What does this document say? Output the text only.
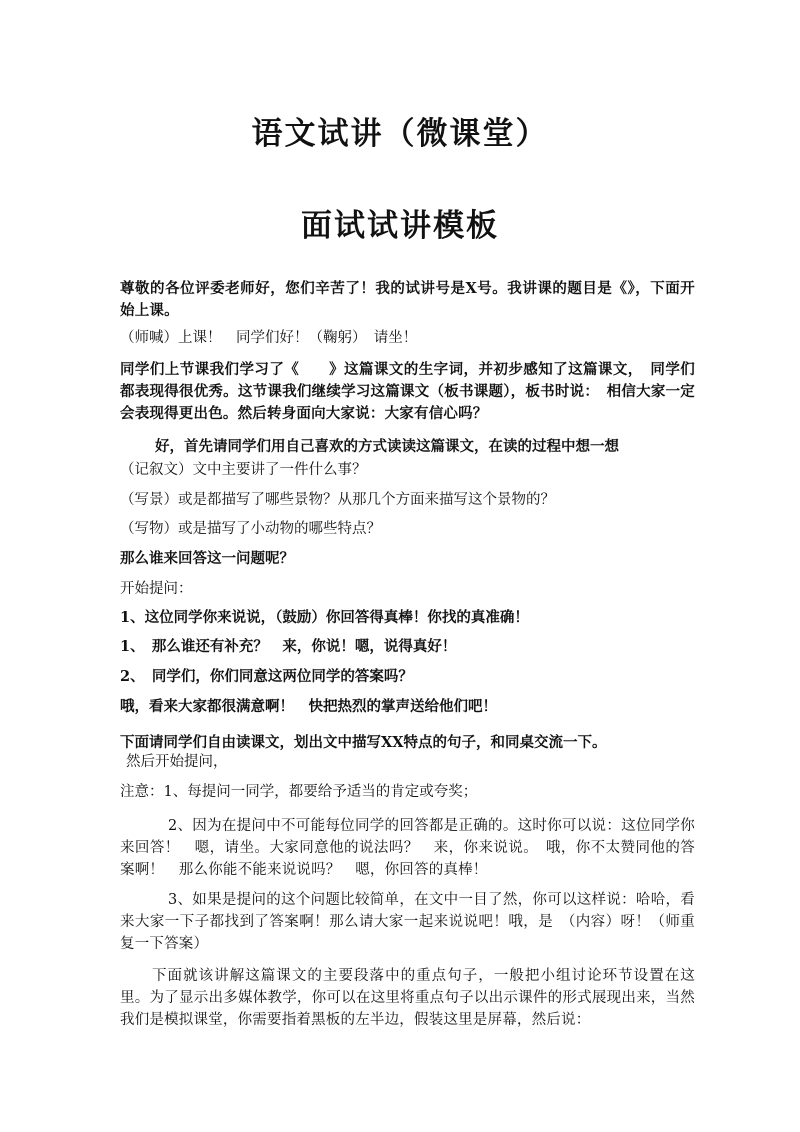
语文试讲（微课堂）
面试试讲模板
尊敬的各位评委老师好，您们辛苦了！我的试讲号是X号。我讲课的题目是《》，下面开始上课。
（师喊）上课！　同学们好！（鞠躬）　请坐！
同学们上节课我们学习了《　　》这篇课文的生字词，并初步感知了这篇课文，　同学们都表现得很优秀。这节课我们继续学习这篇课文（板书课题），板书时说：　相信大家一定会表现得更出色。然后转身面向大家说：大家有信心吗？
好，首先请同学们用自己喜欢的方式读读这篇课文，在读的过程中想一想
（记叙文）文中主要讲了一件什么事？
（写景）或是都描写了哪些景物？从那几个方面来描写这个景物的？
（写物）或是描写了小动物的哪些特点？
那么谁来回答这一问题呢？
开始提问：
1、这位同学你来说说，（鼓励）你回答得真棒！你找的真准确！
1、　那么谁还有补充？　来，你说！嗯，说得真好！
2、　同学们，你们同意这两位同学的答案吗？
哦，看来大家都很满意啊！　快把热烈的掌声送给他们吧！
下面请同学们自由读课文，划出文中描写XX特点的句子，和同桌交流一下。
然后开始提问，
注意：1、每提问一同学，都要给予适当的肯定或夸奖；
2、因为在提问中不可能每位同学的回答都是正确的。这时你可以说：这位同学你来回答！　嗯，请坐。大家同意他的说法吗？　来，你来说说。　哦，你不太赞同他的答案啊！　那么你能不能来说说吗？　嗯，你回答的真棒！
3、如果是提问的这个问题比较简单，在文中一目了然，你可以这样说：哈哈，看来大家一下子都找到了答案啊！那么请大家一起来说说吧！哦，是　（内容）呀！（师重复一下答案）
下面就该讲解这篇课文的主要段落中的重点句子，一般把小组讨论环节设置在这里。为了显示出多媒体教学，你可以在这里将重点句子以出示课件的形式展现出来，当然我们是模拟课堂，你需要指着黑板的左半边，假装这里是屏幕，然后说：
